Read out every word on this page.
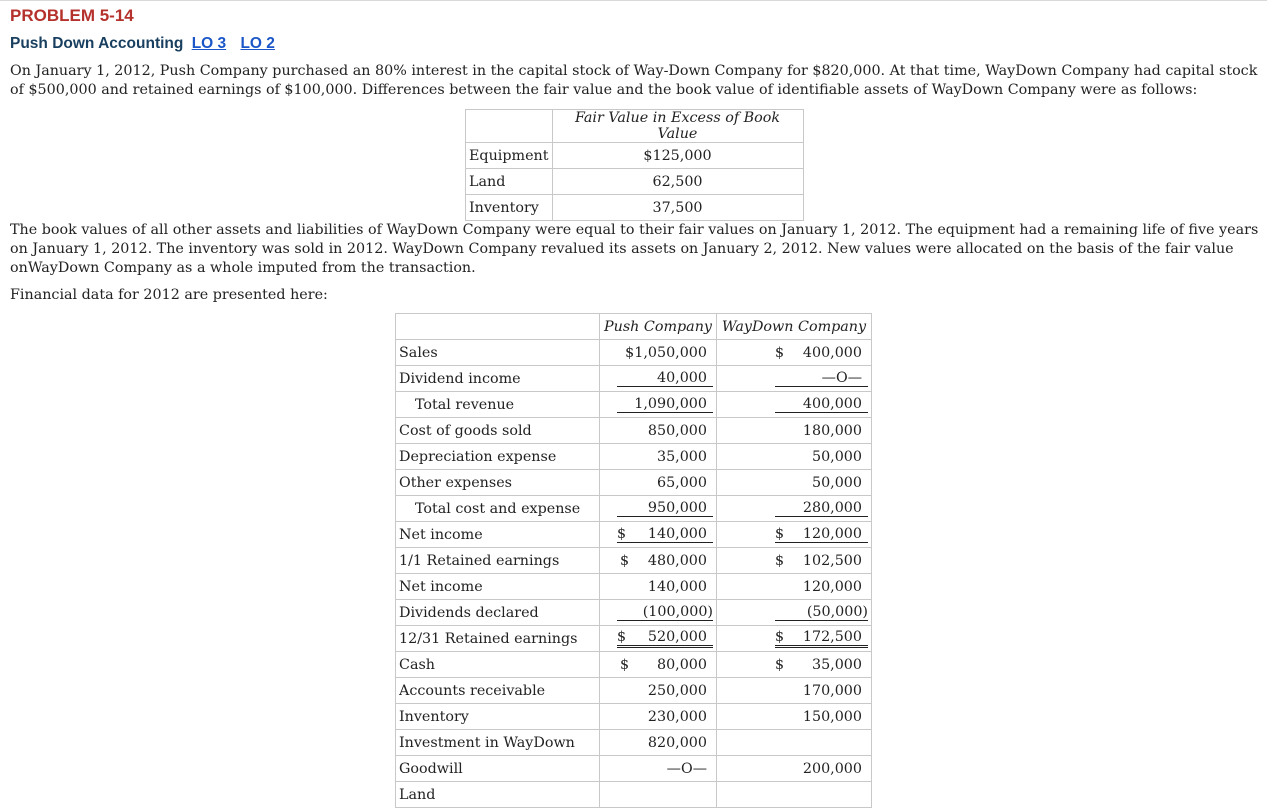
PROBLEM 5-14
Push Down Accounting LO 3 LO 2
On January 1, 2012, Push Company purchased an 80% interest in the capital stock of Way-Down Company for $820,000. At that time, WayDown Company had capital stock of $500,000 and retained earnings of $100,000. Differences between the fair value and the book value of identifiable assets of WayDown Company were as follows:
	Fair Value in Excess of Book Value
Equipment	$125,000
Land	62,500
Inventory	37,500
The book values of all other assets and liabilities of WayDown Company were equal to their fair values on January 1, 2012. The equipment had a remaining life of five years on January 1, 2012. The inventory was sold in 2012. WayDown Company revalued its assets on January 2, 2012. New values were allocated on the basis of the fair value onWayDown Company as a whole imputed from the transaction.
Financial data for 2012 are presented here:
	Push Company	WayDown Company
Sales	$1,050,000	$ 400,000

Dividend income	40,000	—O—

Total revenue	1,090,000	400,000

Cost of goods sold	850,000	180,000

Depreciation expense	35,000	50,000

Other expenses	65,000	50,000

Total cost and expense	950,000	280,000

Net income	$ 140,000	$ 120,000

1/1 Retained earnings	$ 480,000	$ 102,500

Net income	140,000	120,000

Dividends declared	(100,000)	(50,000)

12/31 Retained earnings	$ 520,000	$ 172,500

Cash	$ 80,000	$ 35,000

Accounts receivable	250,000	170,000

Inventory	230,000	150,000

Investment in WayDown	820,000	

Goodwill	—O—	200,000

Land	
